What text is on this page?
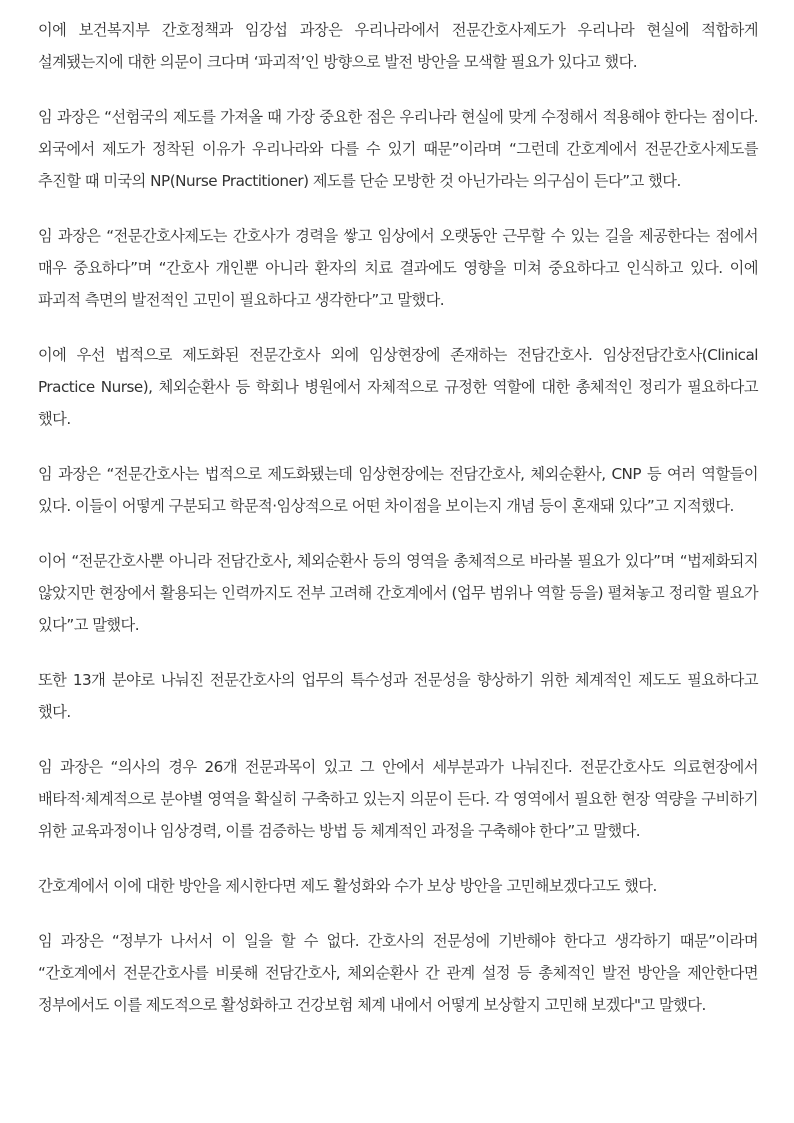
이에 보건복지부 간호정책과 임강섭 과장은 우리나라에서 전문간호사제도가 우리나라 현실에 적합하게 설계됐는지에 대한 의문이 크다며 ‘파괴적’인 방향으로 발전 방안을 모색할 필요가 있다고 했다.

임 과장은 “선험국의 제도를 가져올 때 가장 중요한 점은 우리나라 현실에 맞게 수정해서 적용해야 한다는 점이다. 외국에서 제도가 정착된 이유가 우리나라와 다를 수 있기 때문”이라며 “그런데 간호계에서 전문간호사제도를 추진할 때 미국의 NP(Nurse Practitioner) 제도를 단순 모방한 것 아닌가라는 의구심이 든다”고 했다.

임 과장은 “전문간호사제도는 간호사가 경력을 쌓고 임상에서 오랫동안 근무할 수 있는 길을 제공한다는 점에서 매우 중요하다”며 “간호사 개인뿐 아니라 환자의 치료 결과에도 영향을 미쳐 중요하다고 인식하고 있다. 이에 파괴적 측면의 발전적인 고민이 필요하다고 생각한다”고 말했다.

이에 우선 법적으로 제도화된 전문간호사 외에 임상현장에 존재하는 전담간호사. 임상전담간호사(Clinical Practice Nurse), 체외순환사 등 학회나 병원에서 자체적으로 규정한 역할에 대한 총체적인 정리가 필요하다고 했다.

임 과장은 “전문간호사는 법적으로 제도화됐는데 임상현장에는 전담간호사, 체외순환사, CNP 등 여러 역할들이 있다. 이들이 어떻게 구분되고 학문적·임상적으로 어떤 차이점을 보이는지 개념 등이 혼재돼 있다”고 지적했다.

이어 “전문간호사뿐 아니라 전담간호사, 체외순환사 등의 영역을 총체적으로 바라볼 필요가 있다”며 “법제화되지 않았지만 현장에서 활용되는 인력까지도 전부 고려해 간호계에서 (업무 범위나 역할 등을) 펼쳐놓고 정리할 필요가 있다”고 말했다.

또한 13개 분야로 나눠진 전문간호사의 업무의 특수성과 전문성을 향상하기 위한 체계적인 제도도 필요하다고 했다.

임 과장은 “의사의 경우 26개 전문과목이 있고 그 안에서 세부분과가 나눠진다. 전문간호사도 의료현장에서 배타적·체계적으로 분야별 영역을 확실히 구축하고 있는지 의문이 든다. 각 영역에서 필요한 현장 역량을 구비하기 위한 교육과정이나 임상경력, 이를 검증하는 방법 등 체계적인 과정을 구축해야 한다”고 말했다.

간호계에서 이에 대한 방안을 제시한다면 제도 활성화와 수가 보상 방안을 고민해보겠다고도 했다.

임 과장은 “정부가 나서서 이 일을 할 수 없다. 간호사의 전문성에 기반해야 한다고 생각하기 때문”이라며 “간호계에서 전문간호사를 비롯해 전담간호사, 체외순환사 간 관계 설정 등 총체적인 발전 방안을 제안한다면 정부에서도 이를 제도적으로 활성화하고 건강보험 체계 내에서 어떻게 보상할지 고민해 보겠다"고 말했다.
